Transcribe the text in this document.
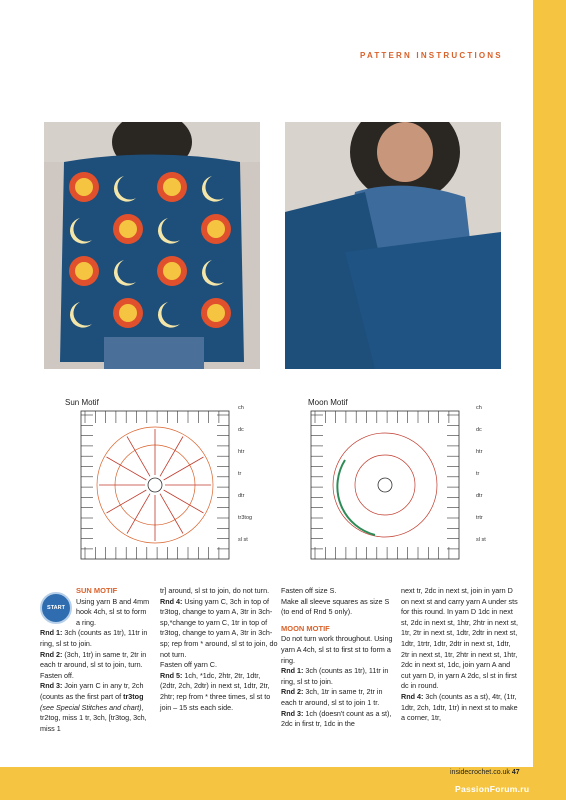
PATTERN INSTRUCTIONS
Sun Motif	Moon Motif
ch
dc
htr
tr
dtr
tr3tog
sl st
ch
dc
htr
tr
dtr
trtr
sl st
START

SUN MOTIF

Using yarn B and 4mm hook 4ch, sl st to form a ring.

Rnd 1: 3ch (counts as 1tr), 11tr in ring, sl st to join.

Rnd 2: (3ch, 1tr) in same tr, 2tr in each tr around, sl st to join, turn.

Fasten off.

Rnd 3: Join yarn C in any tr, 2ch (counts as the first part of tr3tog (see Special Stitches and chart), tr2tog, miss 1 tr, 3ch, [tr3tog, 3ch, miss 1

tr] around, sl st to join, do not turn.

Rnd 4: Using yarn C, 3ch in top of tr3tog, change to yarn A, 3tr in 3ch-sp,*change to yarn C, 1tr in top of tr3tog, change to yarn A, 3tr in 3ch-sp; rep from * around, sl st to join, do not turn.

Fasten off yarn C.

Rnd 5: 1ch, *1dc, 2htr, 2tr, 1dtr, (2dtr, 2ch, 2dtr) in next st, 1dtr, 2tr, 2htr; rep from * three times, sl st to join – 15 sts each side.

Fasten off size S.

Make all sleeve squares as size S (to end of Rnd 5 only).

MOON MOTIF

Do not turn work throughout. Using yarn A 4ch, sl st to first st to form a ring.

Rnd 1: 3ch (counts as 1tr), 11tr in ring, sl st to join.

Rnd 2: 3ch, 1tr in same tr, 2tr in each tr around, sl st to join 1 tr.

Rnd 3: 1ch (doesn't count as a st), 2dc in first tr, 1dc in the

next tr, 2dc in next st, join in yarn D on next st and carry yarn A under sts for this round. In yarn D 1dc in next st, 2dc in next st, 1htr, 2htr in next st, 1tr, 2tr in next st, 1dtr, 2dtr in next st, 1dtr, 1trtr, 1dtr, 2dtr in next st, 1dtr, 2tr in next st, 1tr, 2htr in next st, 1htr, 2dc in next st, 1dc, join yarn A and cut yarn D, in yarn A 2dc, sl st in first dc in round.

Rnd 4: 3ch (counts as a st), 4tr, (1tr, 1dtr, 2ch, 1dtr, 1tr) in next st to make a corner, 1tr,

insidecrochet.co.uk 47
PassionForum.ru
